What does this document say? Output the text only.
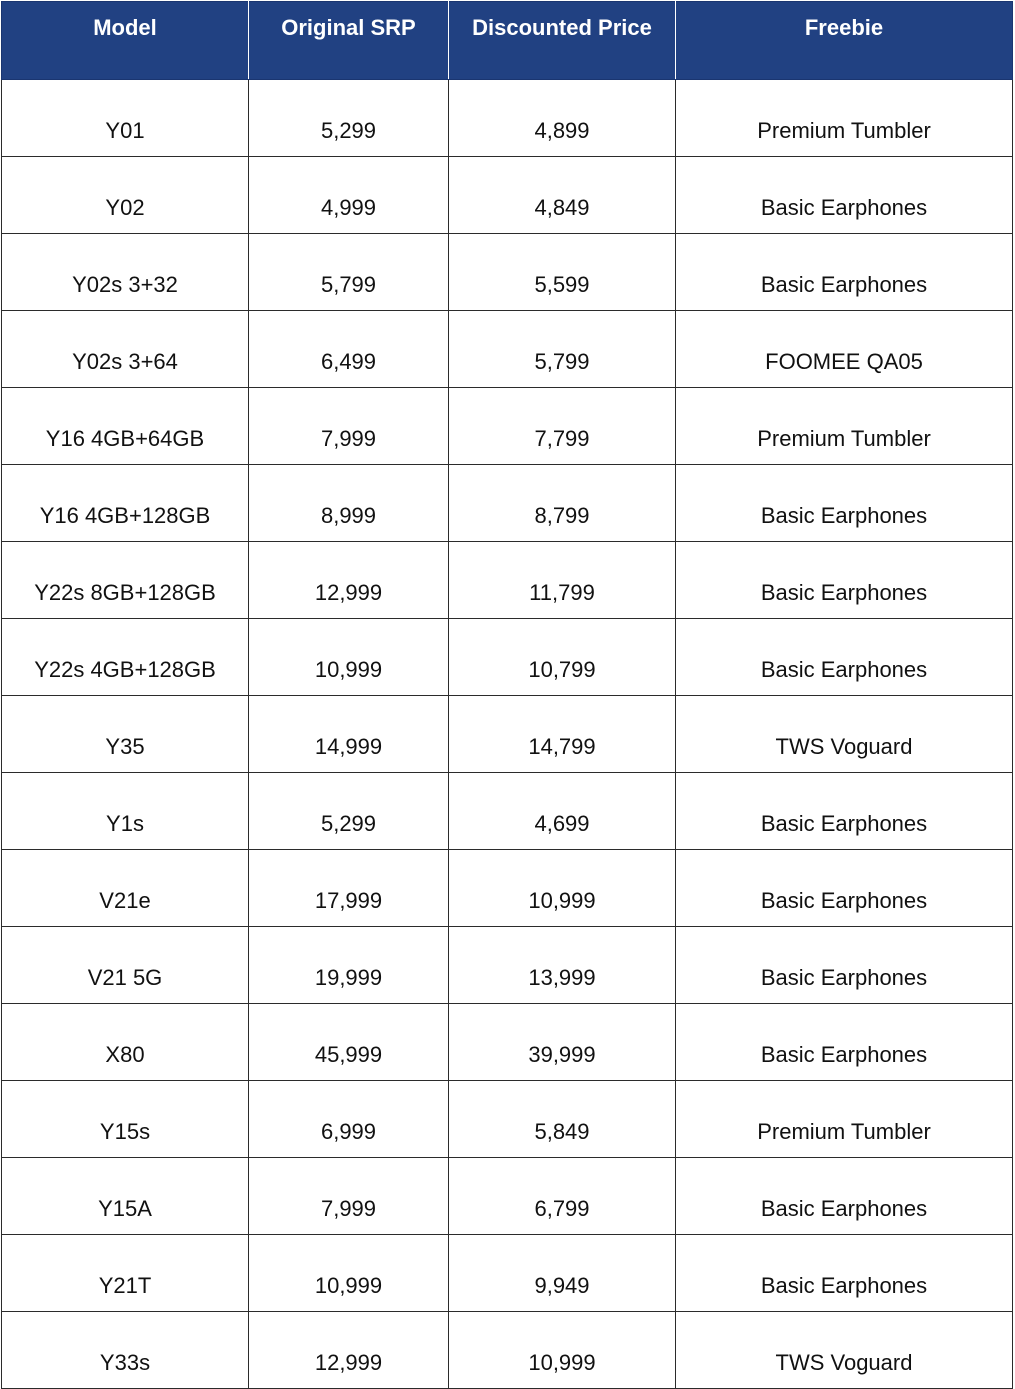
Model	Original SRP	Discounted Price	Freebie

Y01	5,299	4,899	Premium Tumbler

Y02	4,999	4,849	Basic Earphones

Y02s 3+32	5,799	5,599	Basic Earphones

Y02s 3+64	6,499	5,799	FOOMEE QA05

Y16 4GB+64GB	7,999	7,799	Premium Tumbler

Y16 4GB+128GB	8,999	8,799	Basic Earphones

Y22s 8GB+128GB	12,999	11,799	Basic Earphones

Y22s 4GB+128GB	10,999	10,799	Basic Earphones

Y35	14,999	14,799	TWS Voguard

Y1s	5,299	4,699	Basic Earphones

V21e	17,999	10,999	Basic Earphones

V21 5G	19,999	13,999	Basic Earphones

X80	45,999	39,999	Basic Earphones

Y15s	6,999	5,849	Premium Tumbler

Y15A	7,999	6,799	Basic Earphones

Y21T	10,999	9,949	Basic Earphones

Y33s	12,999	10,999	TWS Voguard
